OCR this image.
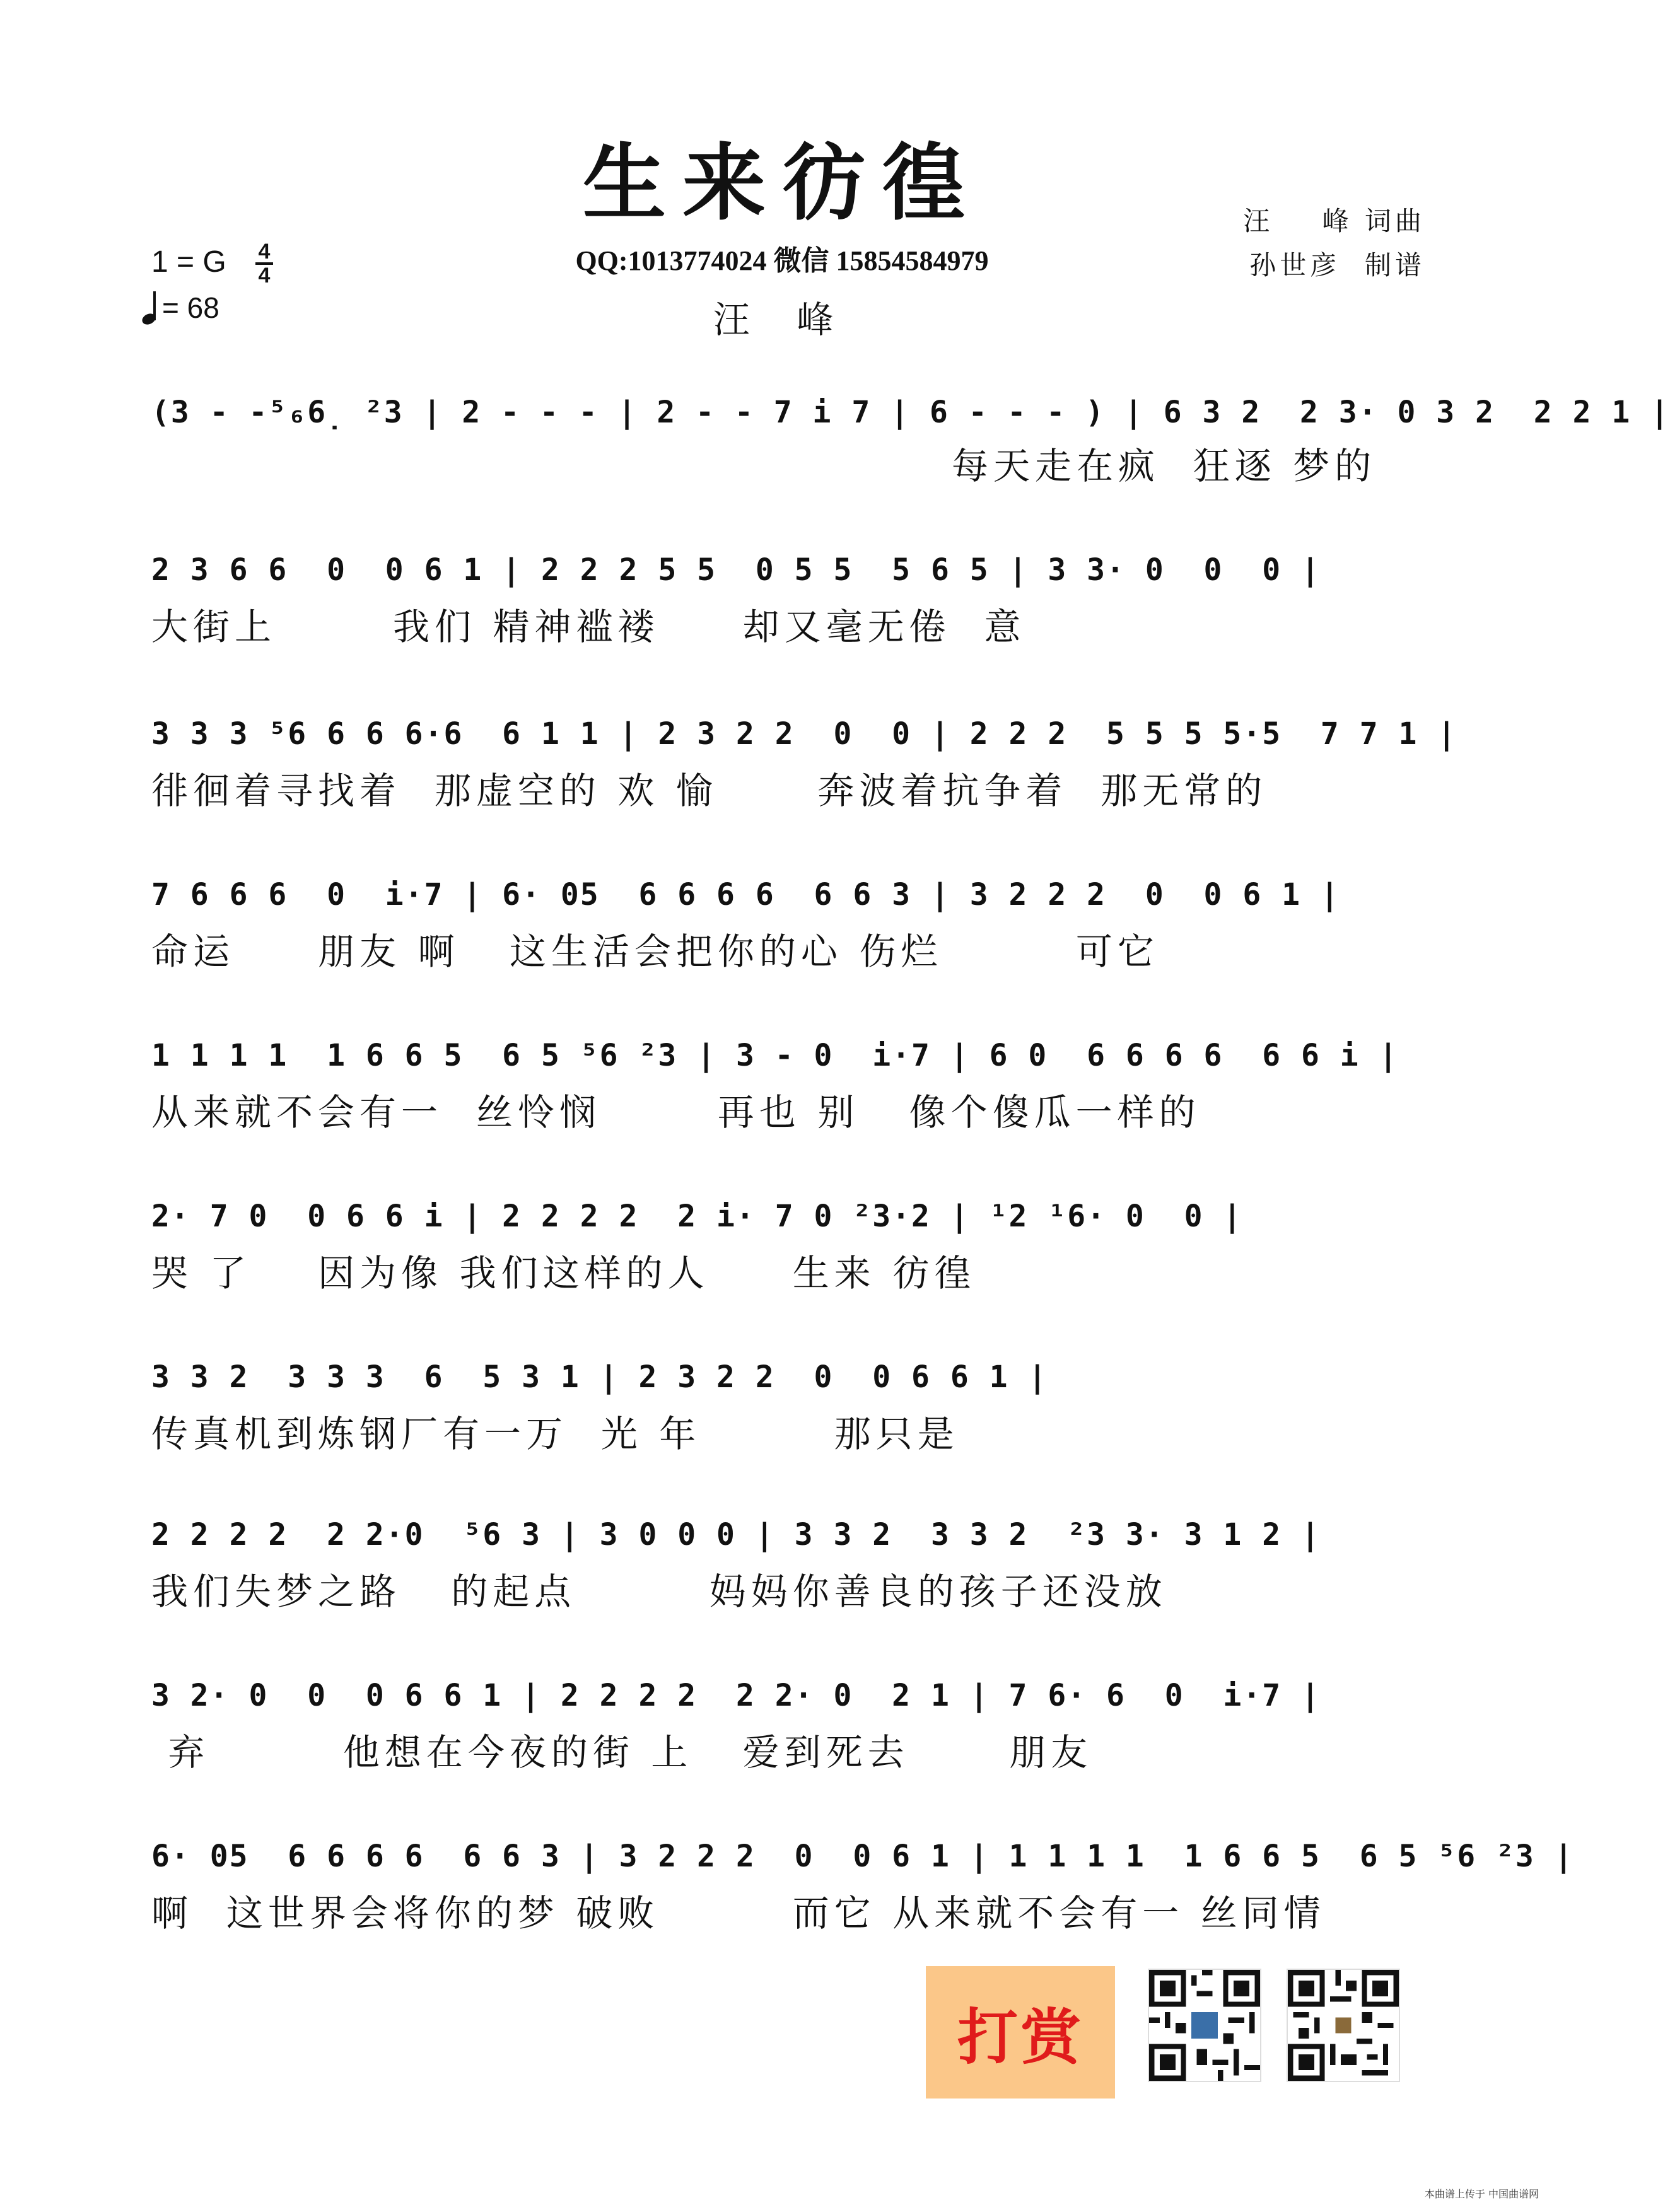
生来彷徨
QQ:1013774024 微信 15854584979
汪 峰
汪    峰 词曲
孙世彦  制谱
1 = G 4
4
= 68
(3 - -⁵₆6̣ ²3 | 2 - - - | 2 - - 7 i 7 | 6 - - - ) | 6 3 2  2 3· 0 3 2  2 2 1 |
每天走在疯  狂逐 梦的
2 3 6 6  0  0 6 1 | 2 2 2 5 5  0 5 5  5 6 5 | 3 3· 0  0  0 |
大街上       我们 精神褴褛     却又毫无倦  意
3 3 3 ⁵6 6 6 6·6  6 1 1 | 2 3 2 2  0  0 | 2 2 2  5 5 5 5·5  7 7 1 |
徘徊着寻找着  那虚空的 欢 愉      奔波着抗争着  那无常的
7 6 6 6  0  i·7 | 6· 05  6 6 6 6  6 6 3 | 3 2 2 2  0  0 6 1 |
命运     朋友 啊   这生活会把你的心 伤烂        可它
1 1 1 1  1 6 6 5  6 5 ⁵6 ²3 | 3 - 0  i·7 | 6 0  6 6 6 6  6 6 i |
从来就不会有一  丝怜悯       再也 别   像个傻瓜一样的
2· 7 0  0 6 6 i | 2 2 2 2  2 i· 7 0 ²3·2 | ¹2 ¹6· 0  0 |
哭 了    因为像 我们这样的人     生来 彷徨
3 3 2  3 3 3  6  5 3 1 | 2 3 2 2  0  0 6 6 1 |
传真机到炼钢厂有一万  光 年        那只是
2 2 2 2  2 2·0  ⁵6 3 | 3 0 0 0 | 3 3 2  3 3 2  ²3 3· 3 1 2 |
我们失梦之路   的起点        妈妈你善良的孩子还没放
3 2· 0  0  0 6 6 1 | 2 2 2 2  2 2· 0  2 1 | 7 6· 6  0  i·7 |
弃        他想在今夜的街 上   爱到死去      朋友
6· 05  6 6 6 6  6 6 3 | 3 2 2 2  0  0 6 1 | 1 1 1 1  1 6 6 5  6 5 ⁵6 ²3 |
啊  这世界会将你的梦 破败        而它 从来就不会有一 丝同情
打赏
本曲谱上传于 中国曲谱网
